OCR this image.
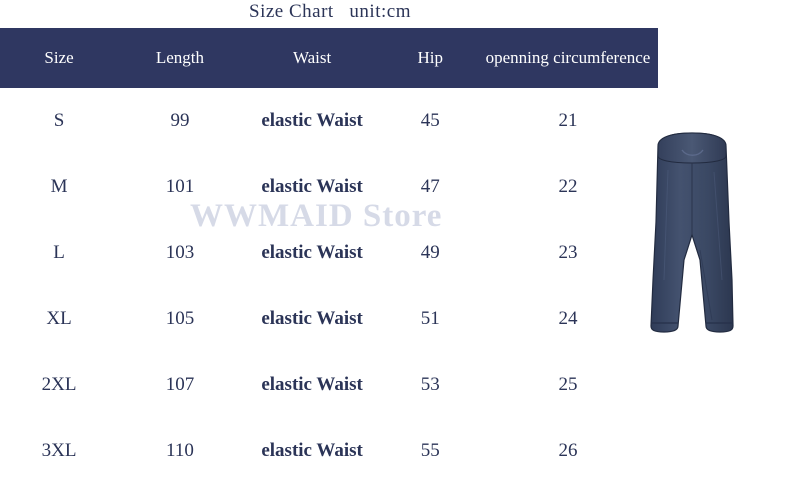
Size Chart   unit:cm
Size	Length	Waist	Hip	openning circumference
S	99	elastic Waist	45	21
M	101	elastic Waist	47	22
L	103	elastic Waist	49	23
XL	105	elastic Waist	51	24
2XL	107	elastic Waist	53	25
3XL	110	elastic Waist	55	26
WWMAID Store
